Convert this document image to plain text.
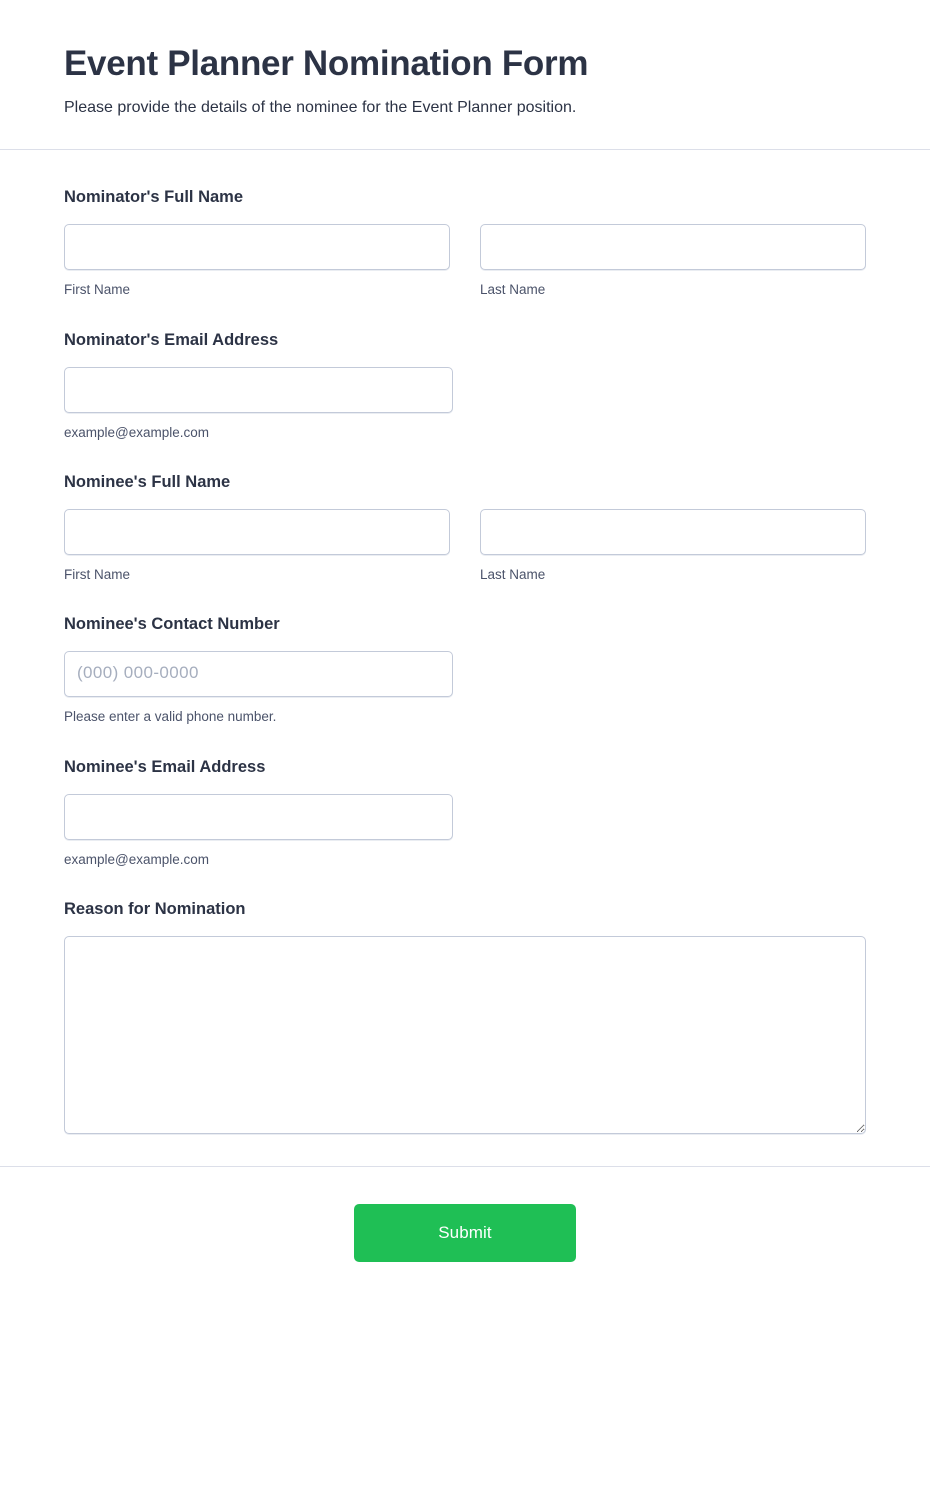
Event Planner Nomination Form

Please provide the details of the nominee for the Event Planner position.

Nominator's Full Name
First Name	Last Name
Nominator's Email Address
example@example.com
Nominee's Full Name
First Name	Last Name
Nominee's Contact Number
(000) 000-0000
Please enter a valid phone number.
Nominee's Email Address
example@example.com
Reason for Nomination
Submit
